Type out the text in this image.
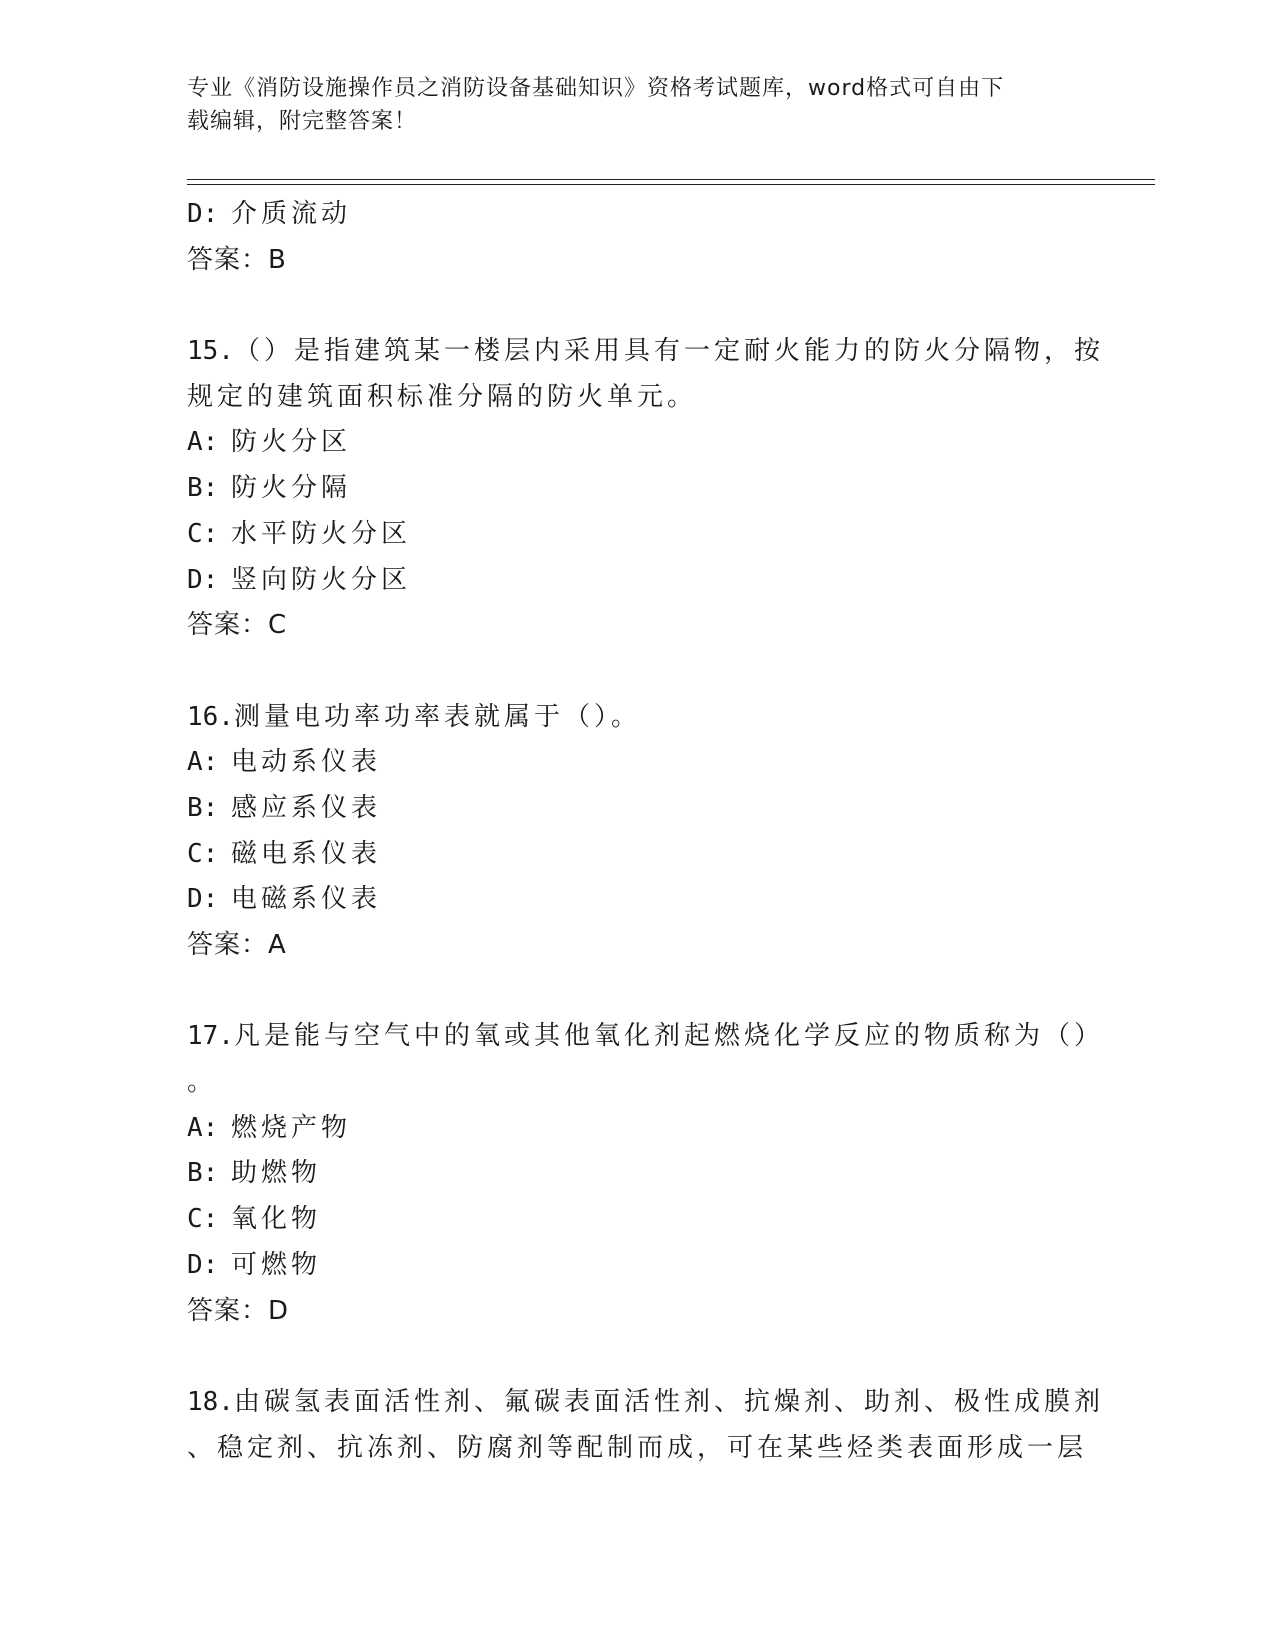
专业《消防设施操作员之消防设备基础知识》资格考试题库，word格式可自由下
载编辑，附完整答案！
D: 介质流动
答案：B
15.（）是指建筑某一楼层内采用具有一定耐火能力的防火分隔物，按
规定的建筑面积标准分隔的防火单元。
A: 防火分区
B: 防火分隔
C: 水平防火分区
D: 竖向防火分区
答案：C
16.测量电功率功率表就属于（）。
A: 电动系仪表
B: 感应系仪表
C: 磁电系仪表
D: 电磁系仪表
答案：A
17.凡是能与空气中的氧或其他氧化剂起燃烧化学反应的物质称为（）
。
A: 燃烧产物
B: 助燃物
C: 氧化物
D: 可燃物
答案：D
18.由碳氢表面活性剂、氟碳表面活性剂、抗燥剂、助剂、极性成膜剂
、稳定剂、抗冻剂、防腐剂等配制而成，可在某些烃类表面形成一层
